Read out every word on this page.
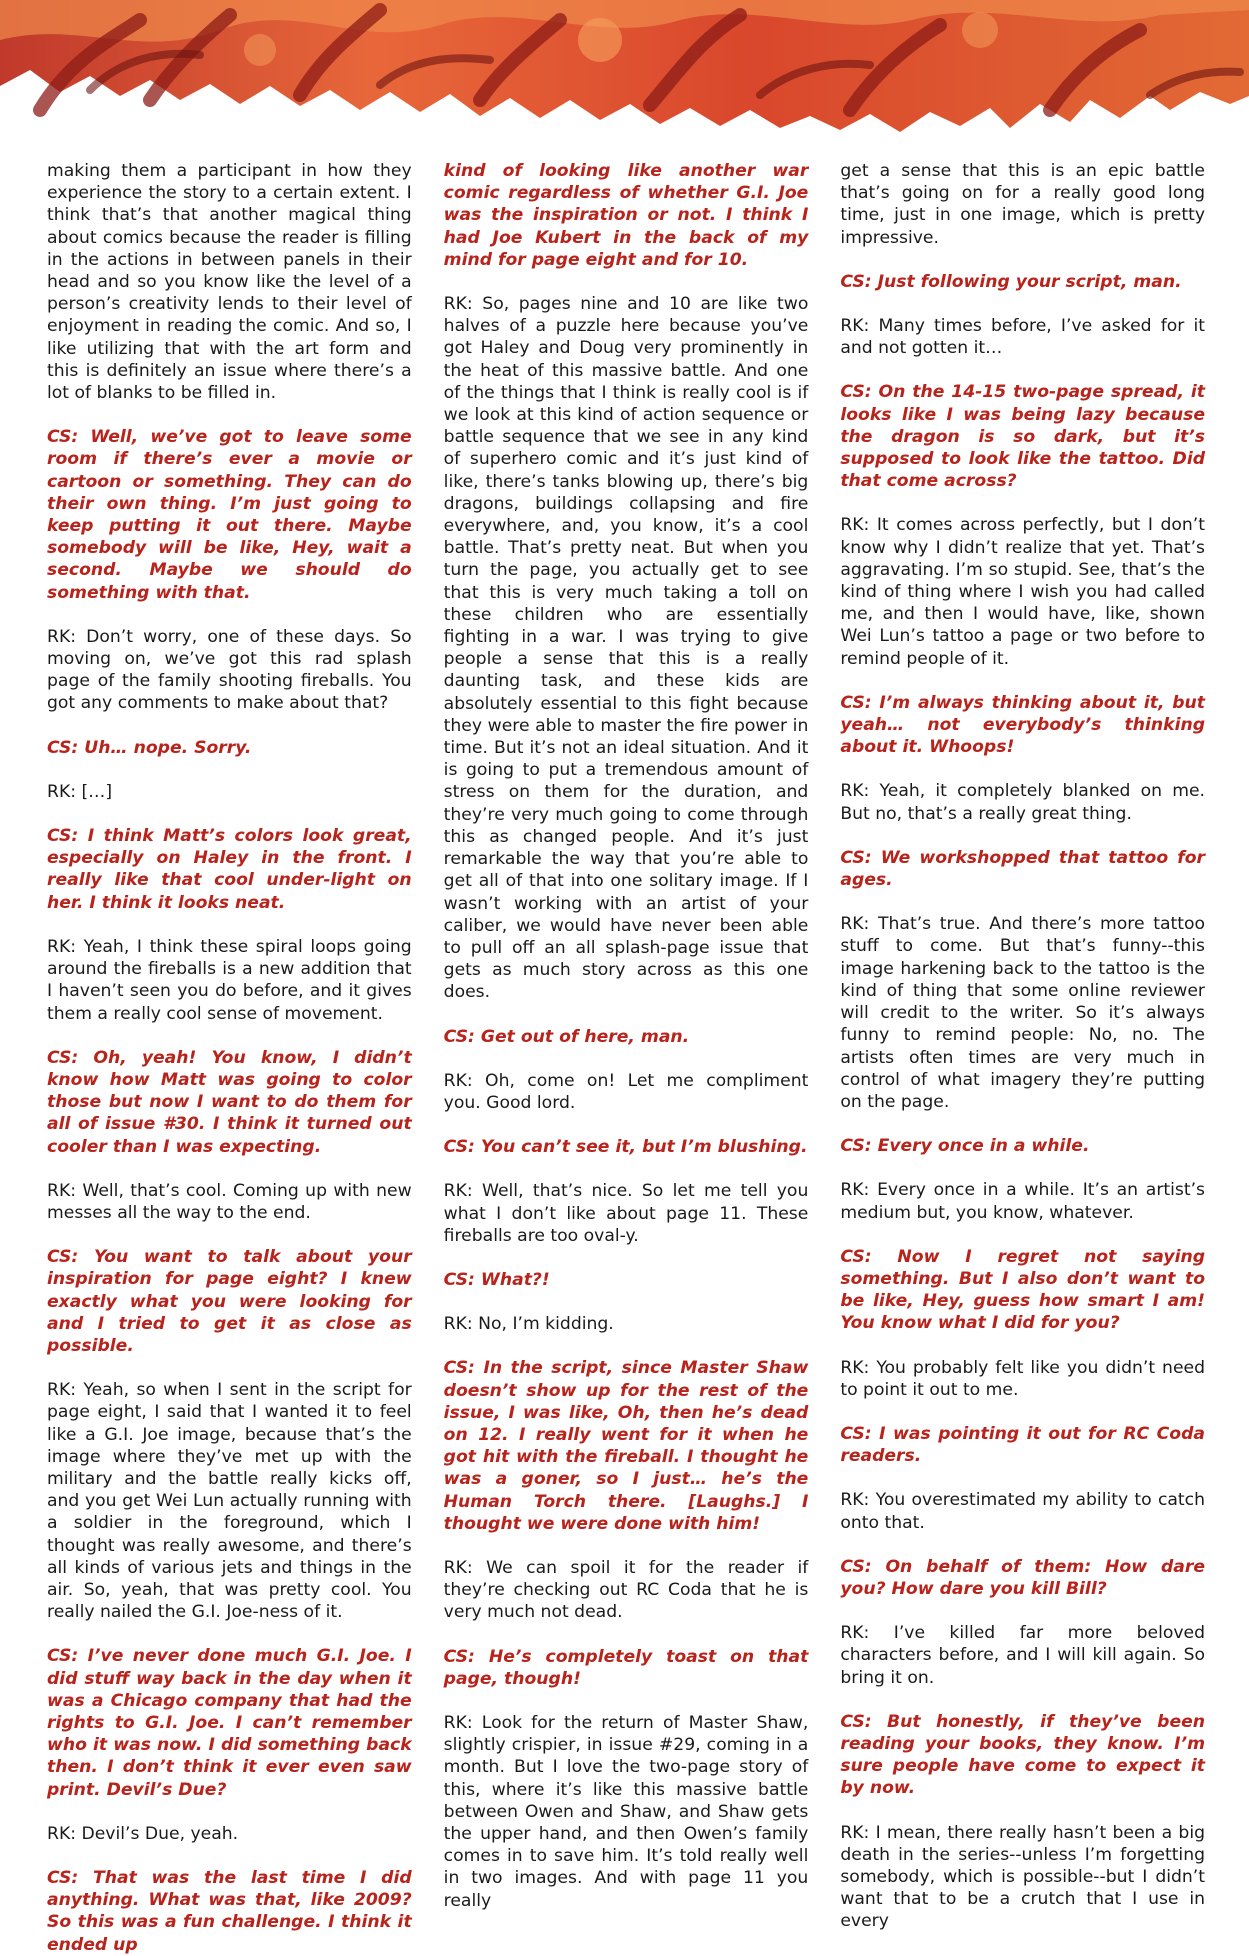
making them a participant in how they experience the story to a certain extent. I think that’s that another magical thing about comics because the reader is filling in the actions in between panels in their head and so you know like the level of a person’s creativity lends to their level of enjoyment in reading the comic. And so, I like utilizing that with the art form and this is definitely an issue where there’s a lot of blanks to be filled in.

CS: Well, we’ve got to leave some room if there’s ever a movie or cartoon or something. They can do their own thing. I’m just going to keep putting it out there. Maybe somebody will be like, Hey, wait a second. Maybe we should do something with that.

RK: Don’t worry, one of these days. So moving on, we’ve got this rad splash page of the family shooting fireballs. You got any comments to make about that?

CS: Uh… nope. Sorry.

RK: […]

CS: I think Matt’s colors look great, especially on Haley in the front. I really like that cool under-light on her. I think it looks neat.

RK: Yeah, I think these spiral loops going around the fireballs is a new addition that I haven’t seen you do before, and it gives them a really cool sense of movement.

CS: Oh, yeah! You know, I didn’t know how Matt was going to color those but now I want to do them for all of issue #30. I think it turned out cooler than I was expecting.

RK: Well, that’s cool. Coming up with new messes all the way to the end.

CS: You want to talk about your inspiration for page eight? I knew exactly what you were looking for and I tried to get it as close as possible.

RK: Yeah, so when I sent in the script for page eight, I said that I wanted it to feel like a G.I. Joe image, because that’s the image where they’ve met up with the military and the battle really kicks off, and you get Wei Lun actually running with a soldier in the foreground, which I thought was really awesome, and there’s all kinds of various jets and things in the air. So, yeah, that was pretty cool. You really nailed the G.I. Joe-ness of it.

CS: I’ve never done much G.I. Joe. I did stuff way back in the day when it was a Chicago company that had the rights to G.I. Joe. I can’t remember who it was now. I did something back then. I don’t think it ever even saw print. Devil’s Due?

RK: Devil’s Due, yeah.

CS: That was the last time I did anything. What was that, like 2009? So this was a fun challenge. I think it ended up

kind of looking like another war comic regardless of whether G.I. Joe was the inspiration or not. I think I had Joe Kubert in the back of my mind for page eight and for 10.

RK: So, pages nine and 10 are like two halves of a puzzle here because you’ve got Haley and Doug very prominently in the heat of this massive battle. And one of the things that I think is really cool is if we look at this kind of action sequence or battle sequence that we see in any kind of superhero comic and it’s just kind of like, there’s tanks blowing up, there’s big dragons, buildings collapsing and fire everywhere, and, you know, it’s a cool battle. That’s pretty neat. But when you turn the page, you actually get to see that this is very much taking a toll on these children who are essentially fighting in a war. I was trying to give people a sense that this is a really daunting task, and these kids are absolutely essential to this fight because they were able to master the fire power in time. But it’s not an ideal situation. And it is going to put a tremendous amount of stress on them for the duration, and they’re very much going to come through this as changed people. And it’s just remarkable the way that you’re able to get all of that into one solitary image. If I wasn’t working with an artist of your caliber, we would have never been able to pull off an all splash-page issue that gets as much story across as this one does.

CS: Get out of here, man.

RK: Oh, come on! Let me compliment you. Good lord.

CS: You can’t see it, but I’m blushing.

RK: Well, that’s nice. So let me tell you what I don’t like about page 11. These fireballs are too oval-y.

CS: What?!

RK: No, I’m kidding.

CS: In the script, since Master Shaw doesn’t show up for the rest of the issue, I was like, Oh, then he’s dead on 12. I really went for it when he got hit with the fireball. I thought he was a goner, so I just… he’s the Human Torch there. [Laughs.] I thought we were done with him!

RK: We can spoil it for the reader if they’re checking out RC Coda that he is very much not dead.

CS: He’s completely toast on that page, though!

RK: Look for the return of Master Shaw, slightly crispier, in issue #29, coming in a month. But I love the two-page story of this, where it’s like this massive battle between Owen and Shaw, and Shaw gets the upper hand, and then Owen’s family comes in to save him. It’s told really well in two images. And with page 11 you really

get a sense that this is an epic battle that’s going on for a really good long time, just in one image, which is pretty impressive.

CS: Just following your script, man.

RK: Many times before, I’ve asked for it and not gotten it…

CS: On the 14-15 two-page spread, it looks like I was being lazy because the dragon is so dark, but it’s supposed to look like the tattoo. Did that come across?

RK: It comes across perfectly, but I don’t know why I didn’t realize that yet. That’s aggravating. I’m so stupid. See, that’s the kind of thing where I wish you had called me, and then I would have, like, shown Wei Lun’s tattoo a page or two before to remind people of it.

CS: I’m always thinking about it, but yeah… not everybody’s thinking about it. Whoops!

RK: Yeah, it completely blanked on me. But no, that’s a really great thing.

CS: We workshopped that tattoo for ages.

RK: That’s true. And there’s more tattoo stuff to come. But that’s funny--this image harkening back to the tattoo is the kind of thing that some online reviewer will credit to the writer. So it’s always funny to remind people: No, no. The artists often times are very much in control of what imagery they’re putting on the page.

CS: Every once in a while.

RK: Every once in a while. It’s an artist’s medium but, you know, whatever.

CS: Now I regret not saying something. But I also don’t want to be like, Hey, guess how smart I am! You know what I did for you?

RK: You probably felt like you didn’t need to point it out to me.

CS: I was pointing it out for RC Coda readers.

RK: You overestimated my ability to catch onto that.

CS: On behalf of them: How dare you? How dare you kill Bill?

RK: I’ve killed far more beloved characters before, and I will kill again. So bring it on.

CS: But honestly, if they’ve been reading your books, they know. I’m sure people have come to expect it by now.

RK: I mean, there really hasn’t been a big death in the series--unless I’m forgetting somebody, which is possible--but I didn’t want that to be a crutch that I use in every
